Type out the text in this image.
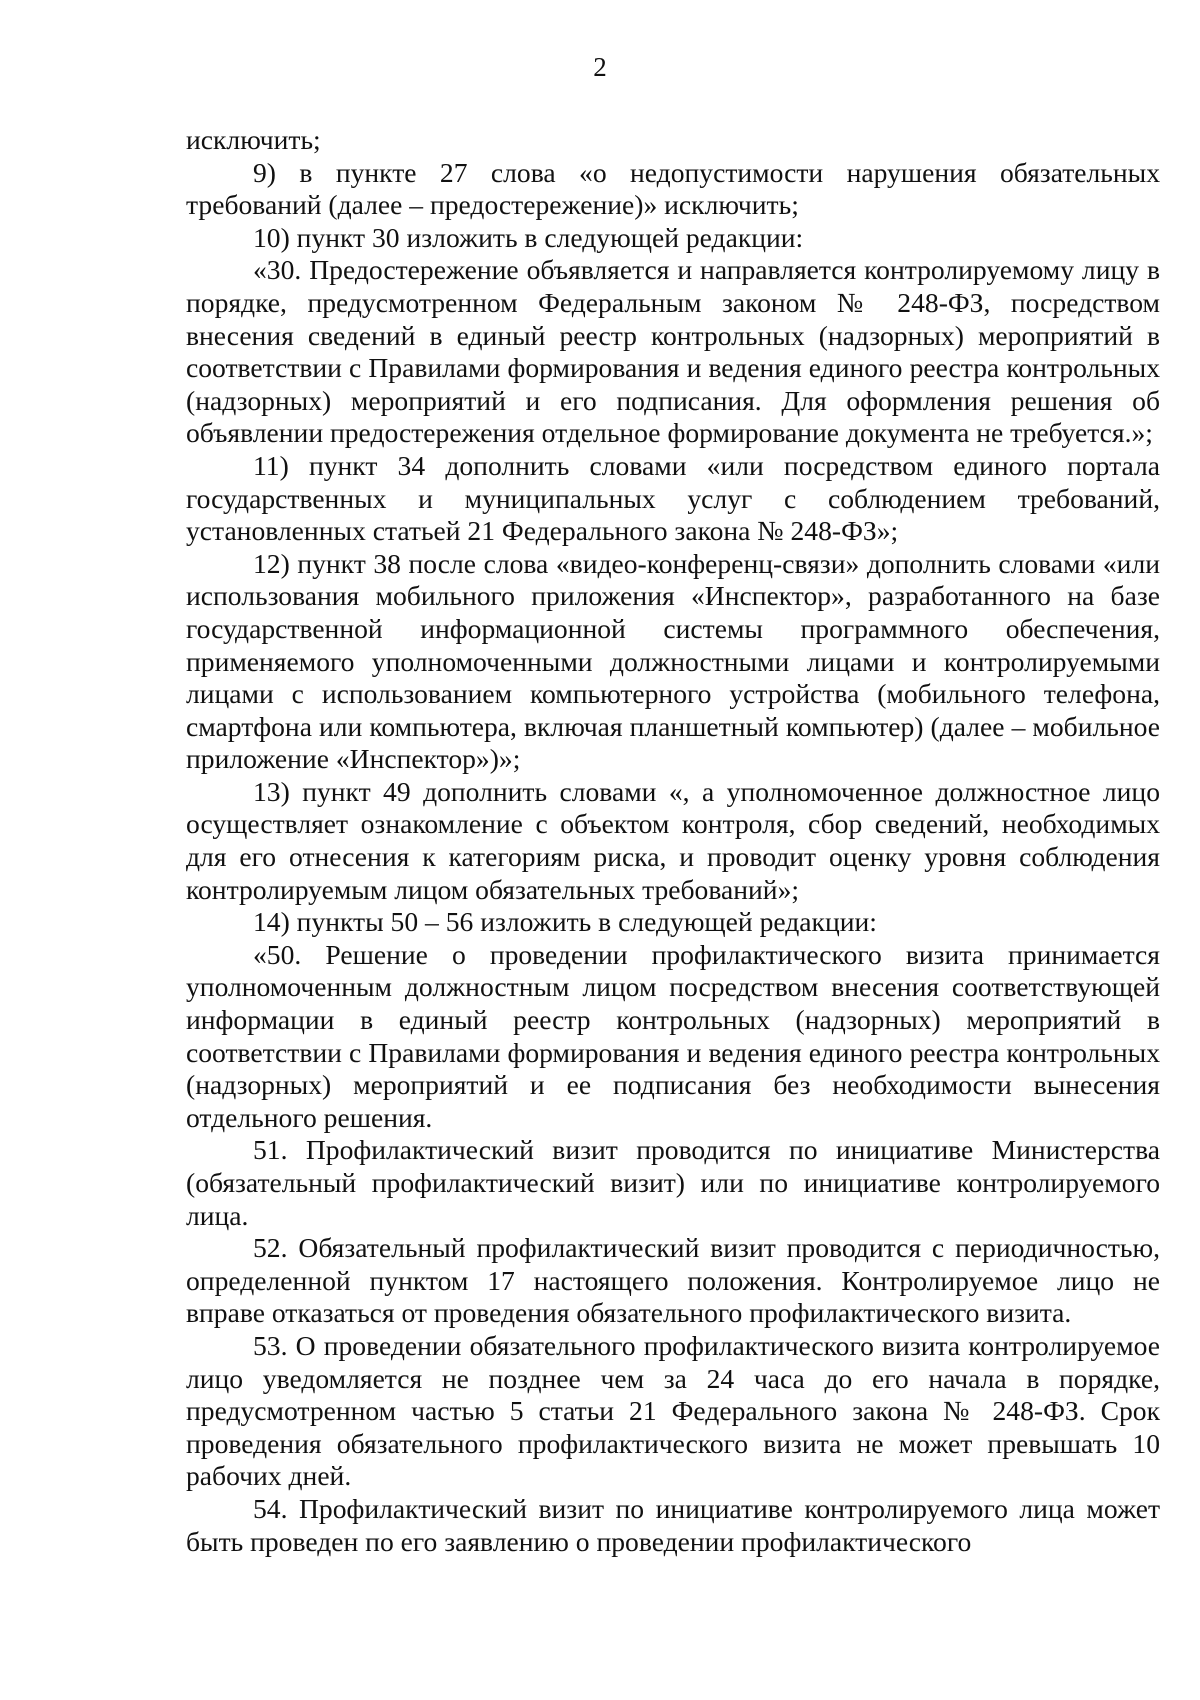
2

исключить;

9) в пункте 27 слова «о недопустимости нарушения обязательных требований (далее – предостережение)» исключить;

10) пункт 30 изложить в следующей редакции:

«30. Предостережение объявляется и направляется контролируемому лицу в порядке, предусмотренном Федеральным законом № 248-ФЗ, посредством внесения сведений в единый реестр контрольных (надзорных) мероприятий в соответствии с Правилами формирования и ведения единого реестра контрольных (надзорных) мероприятий и его подписания. Для оформления решения об объявлении предостережения отдельное формирование документа не требуется.»;

11) пункт 34 дополнить словами «или посредством единого портала государственных и муниципальных услуг с соблюдением требований, установленных статьей 21 Федерального закона № 248-ФЗ»;

12) пункт 38 после слова «видео-конференц-связи» дополнить словами «или использования мобильного приложения «Инспектор», разработанного на базе государственной информационной системы программного обеспечения, применяемого уполномоченными должностными лицами и контролируемыми лицами с использованием компьютерного устройства (мобильного телефона, смартфона или компьютера, включая планшетный компьютер) (далее – мобильное приложение «Инспектор»)»;

13) пункт 49 дополнить словами «, а уполномоченное должностное лицо осуществляет ознакомление с объектом контроля, сбор сведений, необходимых для его отнесения к категориям риска, и проводит оценку уровня соблюдения контролируемым лицом обязательных требований»;

14) пункты 50 – 56 изложить в следующей редакции:

«50. Решение о проведении профилактического визита принимается уполномоченным должностным лицом посредством внесения соответствующей информации в единый реестр контрольных (надзорных) мероприятий в соответствии с Правилами формирования и ведения единого реестра контрольных (надзорных) мероприятий и ее подписания без необходимости вынесения отдельного решения.

51. Профилактический визит проводится по инициативе Министерства (обязательный профилактический визит) или по инициативе контролируемого лица.

52. Обязательный профилактический визит проводится с периодичностью, определенной пунктом 17 настоящего положения. Контролируемое лицо не вправе отказаться от проведения обязательного профилактического визита.

53. О проведении обязательного профилактического визита контролируемое лицо уведомляется не позднее чем за 24 часа до его начала в порядке, предусмотренном частью 5 статьи 21 Федерального закона № 248-ФЗ. Срок проведения обязательного профилактического визита не может превышать 10 рабочих дней.

54. Профилактический визит по инициативе контролируемого лица может быть проведен по его заявлению о проведении профилактического
